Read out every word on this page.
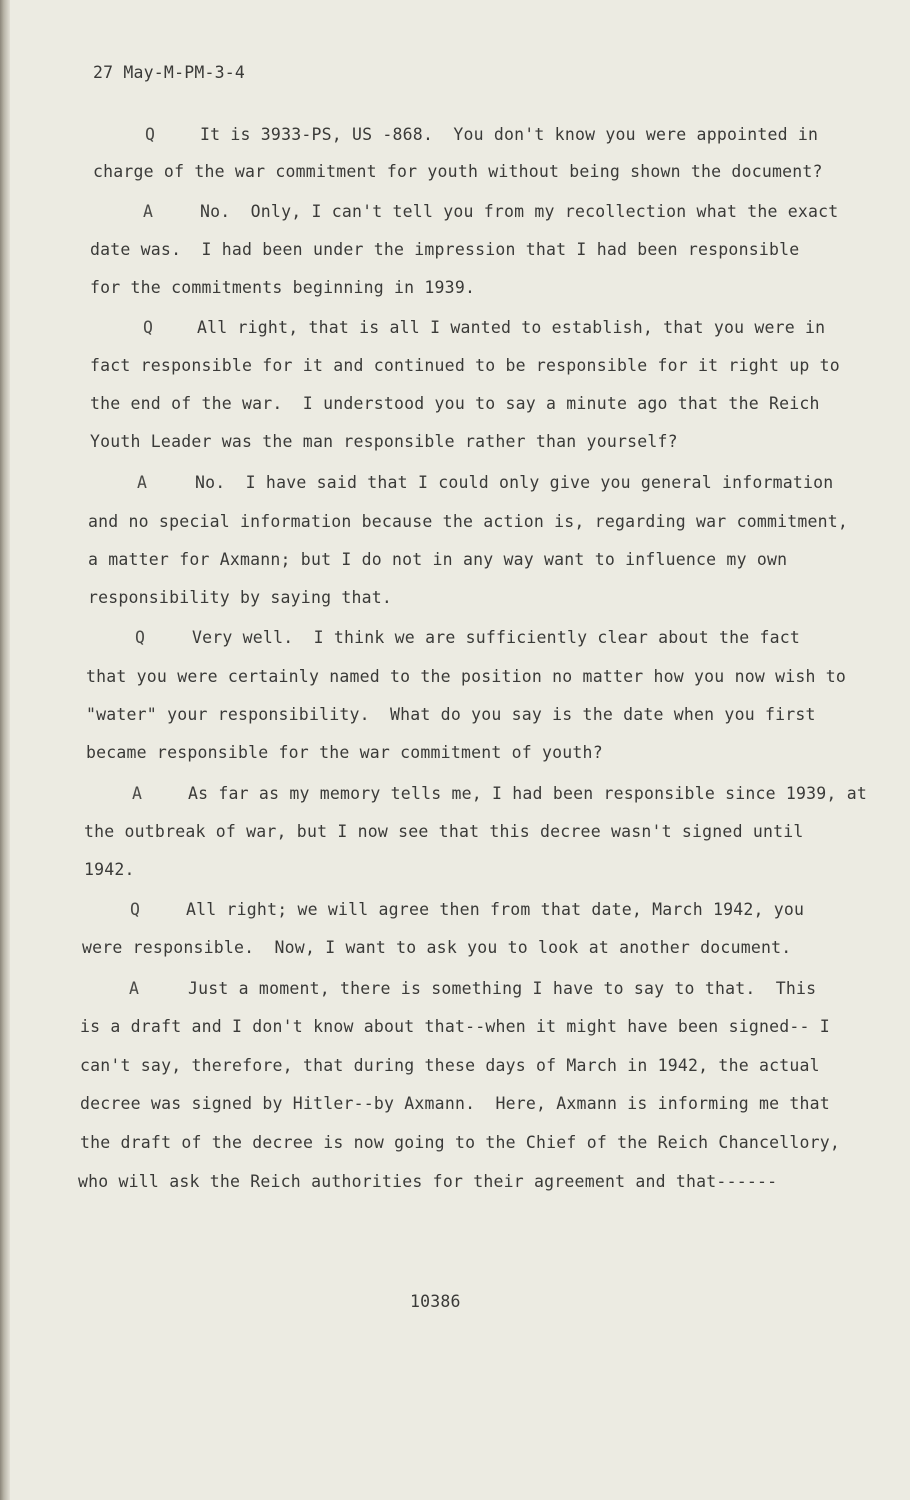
27 May-M-PM-3-4
Q	It is 3933-PS, US -868.  You don't know you were appointed in
charge of the war commitment for youth without being shown the document?
A	No.  Only, I can't tell you from my recollection what the exact
date was.  I had been under the impression that I had been responsible
for the commitments beginning in 1939.
Q	All right, that is all I wanted to establish, that you were in
fact responsible for it and continued to be responsible for it right up to
the end of the war.  I understood you to say a minute ago that the Reich
Youth Leader was the man responsible rather than yourself?
A	No.  I have said that I could only give you general information
and no special information because the action is, regarding war commitment,
a matter for Axmann; but I do not in any way want to influence my own
responsibility by saying that.
Q	Very well.  I think we are sufficiently clear about the fact
that you were certainly named to the position no matter how you now wish to
"water" your responsibility.  What do you say is the date when you first
became responsible for the war commitment of youth?
A	As far as my memory tells me, I had been responsible since 1939, at
the outbreak of war, but I now see that this decree wasn't signed until
1942.
Q	All right; we will agree then from that date, March 1942, you
were responsible.  Now, I want to ask you to look at another document.
A	Just a moment, there is something I have to say to that.  This
is a draft and I don't know about that--when it might have been signed-- I
can't say, therefore, that during these days of March in 1942, the actual
decree was signed by Hitler--by Axmann.  Here, Axmann is informing me that
the draft of the decree is now going to the Chief of the Reich Chancellory,
who will ask the Reich authorities for their agreement and that------
10386
